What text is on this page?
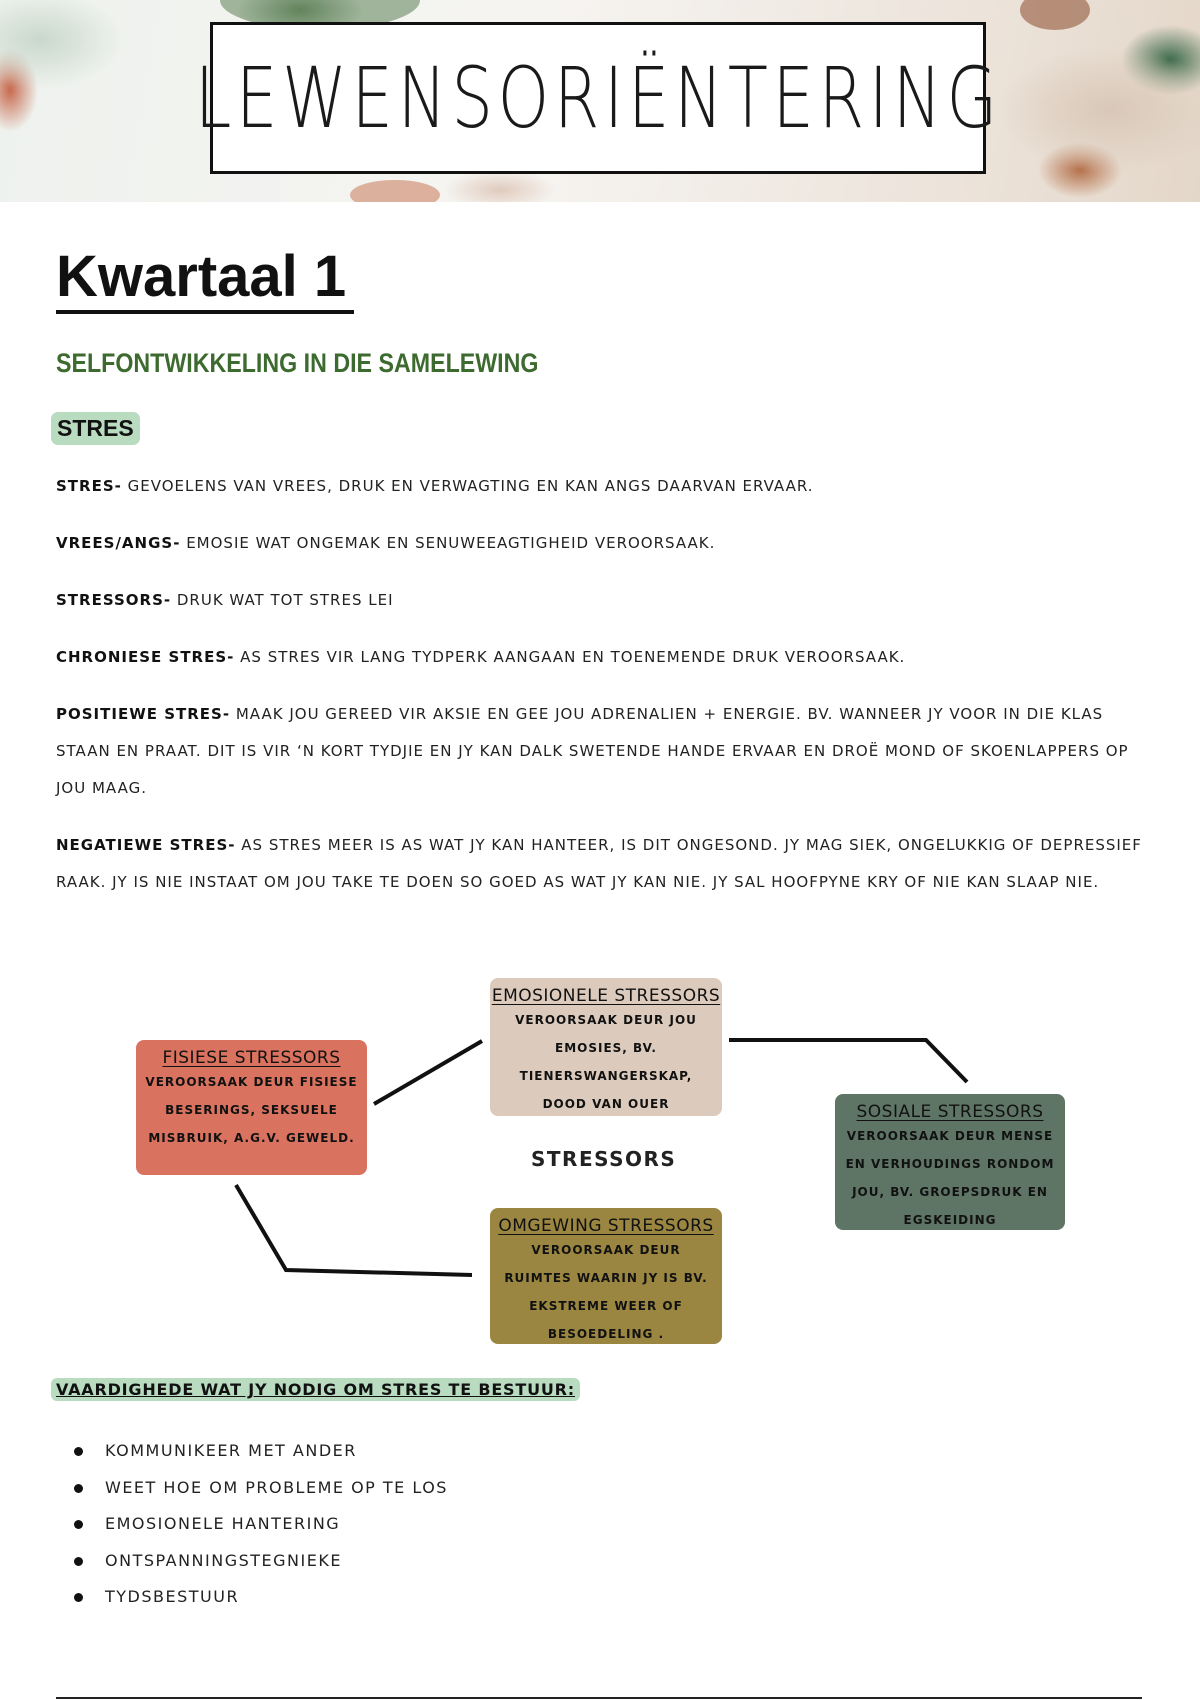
LEWENSORIËNTERING
Kwartaal 1
SELFONTWIKKELING IN DIE SAMELEWING
STRES

STRES- GEVOELENS VAN VREES, DRUK EN VERWAGTING EN KAN ANGS DAARVAN ERVAAR.

VREES/ANGS- EMOSIE WAT ONGEMAK EN SENUWEEAGTIGHEID VEROORSAAK.

STRESSORS- DRUK WAT TOT STRES LEI

CHRONIESE STRES- AS STRES VIR LANG TYDPERK AANGAAN EN TOENEMENDE DRUK VEROORSAAK.

POSITIEWE STRES- MAAK JOU GEREED VIR AKSIE EN GEE JOU ADRENALIEN + ENERGIE. BV. WANNEER JY VOOR IN DIE KLAS STAAN EN PRAAT. DIT IS VIR ‘N KORT TYDJIE EN JY KAN DALK SWETENDE HANDE ERVAAR EN DROË MOND OF SKOENLAPPERS OP JOU MAAG.

NEGATIEWE STRES- AS STRES MEER IS AS WAT JY KAN HANTEER, IS DIT ONGESOND. JY MAG SIEK, ONGELUKKIG OF DEPRESSIEF RAAK. JY IS NIE INSTAAT OM JOU TAKE TE DOEN SO GOED AS WAT JY KAN NIE. JY SAL HOOFPYNE KRY OF NIE KAN SLAAP NIE.

FISIESE STRESSORS
VEROORSAAK DEUR FISIESE BESERINGS, SEKSUELE MISBRUIK, A.G.V. GEWELD.
EMOSIONELE STRESSORS
VEROORSAAK DEUR JOU EMOSIES, BV. TIENERSWANGERSKAP, DOOD VAN OUER	SOSIALE STRESSORS
VEROORSAAK DEUR MENSE EN VERHOUDINGS RONDOM JOU, BV. GROEPSDRUK EN EGSKEIDING
OMGEWING STRESSORS
VEROORSAAK DEUR RUIMTES WAARIN JY IS BV. EKSTREME WEER OF BESOEDELING .
STRESSORS
VAARDIGHEDE WAT JY NODIG OM STRES TE BESTUUR:
KOMMUNIKEER MET ANDER
WEET HOE OM PROBLEME OP TE LOS
EMOSIONELE HANTERING
ONTSPANNINGSTEGNIEKE
TYDSBESTUUR
